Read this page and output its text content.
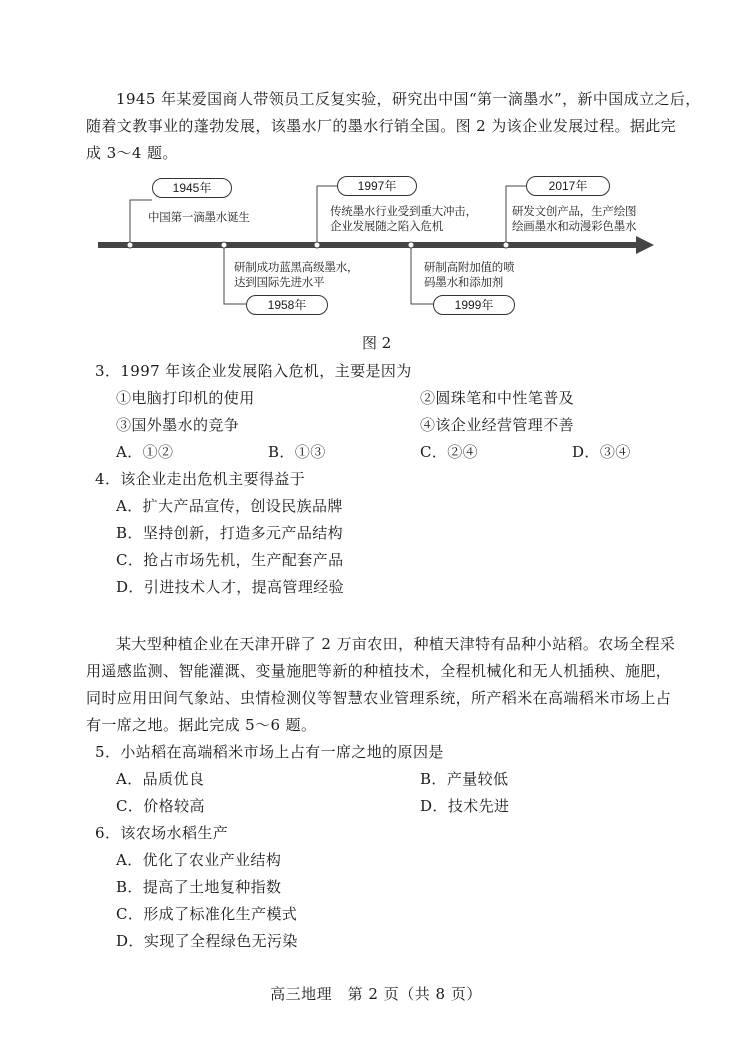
1945 年某爱国商人带领员工反复实验，研究出中国“第一滴墨水”，新中国成立之后，
随着文教事业的蓬勃发展，该墨水厂的墨水行销全国。图 2 为该企业发展过程。据此完
成 3～4 题。
1945年
中国第一滴墨水诞生
研制成功蓝黑高级墨水，
达到国际先进水平
1958年
1997年
传统墨水行业受到重大冲击，
企业发展随之陷入危机
研制高附加值的喷
码墨水和添加剂
1999年
2017年
研发文创产品，生产绘图
绘画墨水和动漫彩色墨水
图 2
3．1997 年该企业发展陷入危机，主要是因为
①电脑打印机的使用	②圆珠笔和中性笔普及
③国外墨水的竞争	④该企业经营管理不善
A．①②	B．①③	C．②④	D．③④
4．该企业走出危机主要得益于
A．扩大产品宣传，创设民族品牌
B．坚持创新，打造多元产品结构
C．抢占市场先机，生产配套产品
D．引进技术人才，提高管理经验
某大型种植企业在天津开辟了 2 万亩农田，种植天津特有品种小站稻。农场全程采
用遥感监测、智能灌溉、变量施肥等新的种植技术，全程机械化和无人机插秧、施肥，
同时应用田间气象站、虫情检测仪等智慧农业管理系统，所产稻米在高端稻米市场上占
有一席之地。据此完成 5～6 题。
5．小站稻在高端稻米市场上占有一席之地的原因是
A．品质优良	B．产量较低
C．价格较高	D．技术先进
6．该农场水稻生产
A．优化了农业产业结构
B．提高了土地复种指数
C．形成了标准化生产模式
D．实现了全程绿色无污染
高三地理　第 2 页（共 8 页）
